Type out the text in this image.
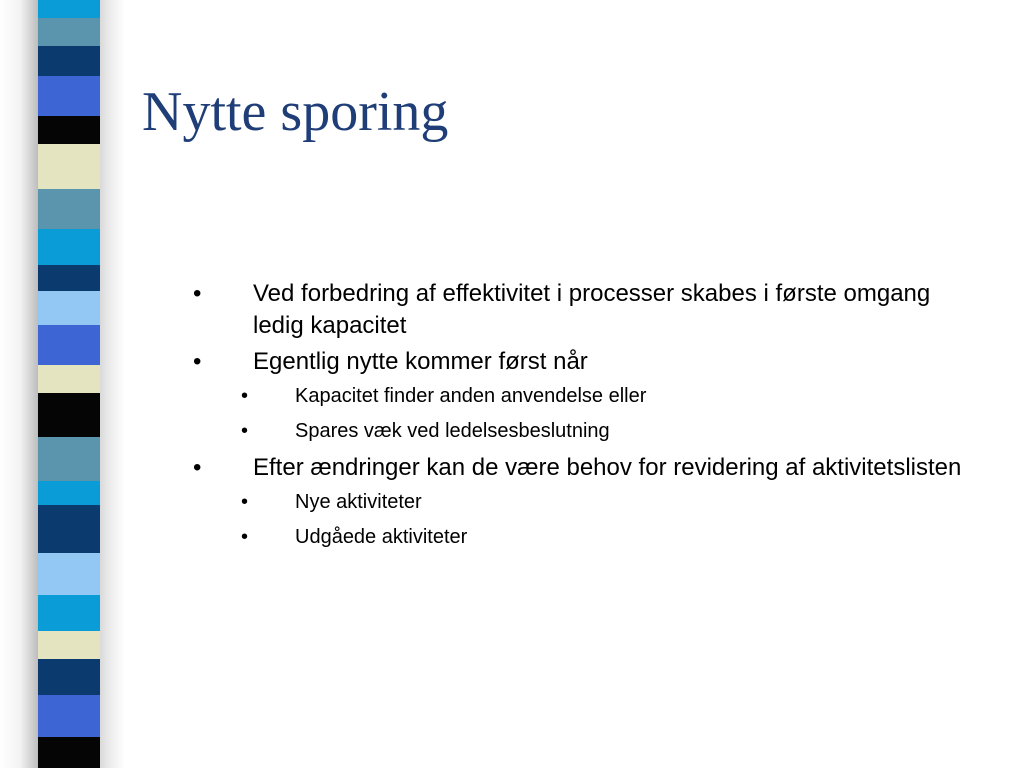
Nytte sporing
• Ved forbedring af effektivitet i processer skabes i første omgang ledig kapacitet
• Egentlig nytte kommer først når
• Kapacitet finder anden anvendelse eller
• Spares væk ved ledelsesbeslutning
• Efter ændringer kan de være behov for revidering af aktivitetslisten
• Nye aktiviteter
• Udgåede aktiviteter
